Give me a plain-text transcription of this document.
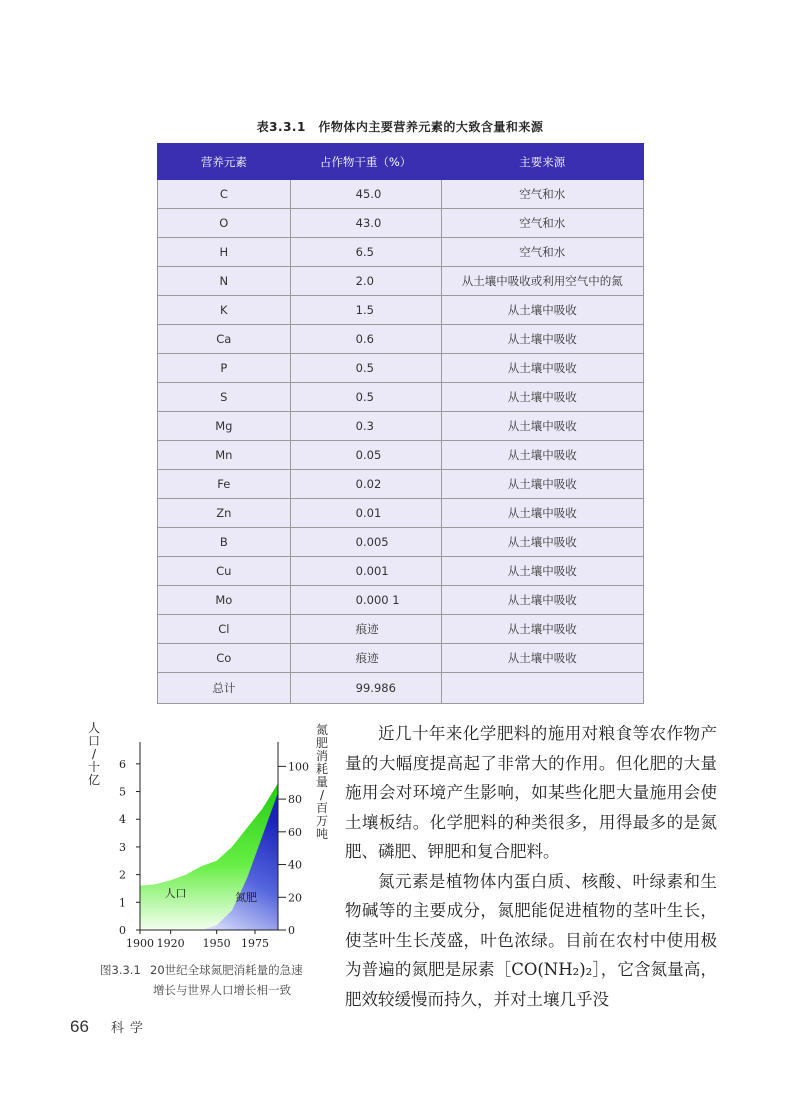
表3.3.1　作物体内主要营养元素的大致含量和来源
营养元素	占作物干重（%）	主要来源
C	45.0	空气和水
O	43.0	空气和水
H	6.5	空气和水
N	2.0	从土壤中吸收或利用空气中的氮
K	1.5	从土壤中吸收
Ca	0.6	从土壤中吸收
P	0.5	从土壤中吸收
S	0.5	从土壤中吸收
Mg	0.3	从土壤中吸收
Mn	0.05	从土壤中吸收
Fe	0.02	从土壤中吸收
Zn	0.01	从土壤中吸收
B	0.005	从土壤中吸收
Cu	0.001	从土壤中吸收
Mo	0.000 1	从土壤中吸收
Cl	痕迹	从土壤中吸收
Co	痕迹	从土壤中吸收
总计	99.986	
0
1
2
3
4
5
6
0
20
40
60
80
100
1900 1920 1950 1975
人
口
/
十
亿
氮
肥
消
耗
量
/
百
万
吨
人口	氮肥
图3.3.1 20世纪全球氮肥消耗量的急速
增长与世界人口增长相一致

近几十年来化学肥料的施用对粮食等农作物产量的大幅度提高起了非常大的作用。但化肥的大量施用会对环境产生影响，如某些化肥大量施用会使土壤板结。化学肥料的种类很多，用得最多的是氮肥、磷肥、钾肥和复合肥料。

氮元素是植物体内蛋白质、核酸、叶绿素和生物碱等的主要成分，氮肥能促进植物的茎叶生长，使茎叶生长茂盛，叶色浓绿。目前在农村中使用极为普遍的氮肥是尿素［CO(NH₂)₂］，它含氮量高，肥效较缓慢而持久，并对土壤几乎没

66 科学
